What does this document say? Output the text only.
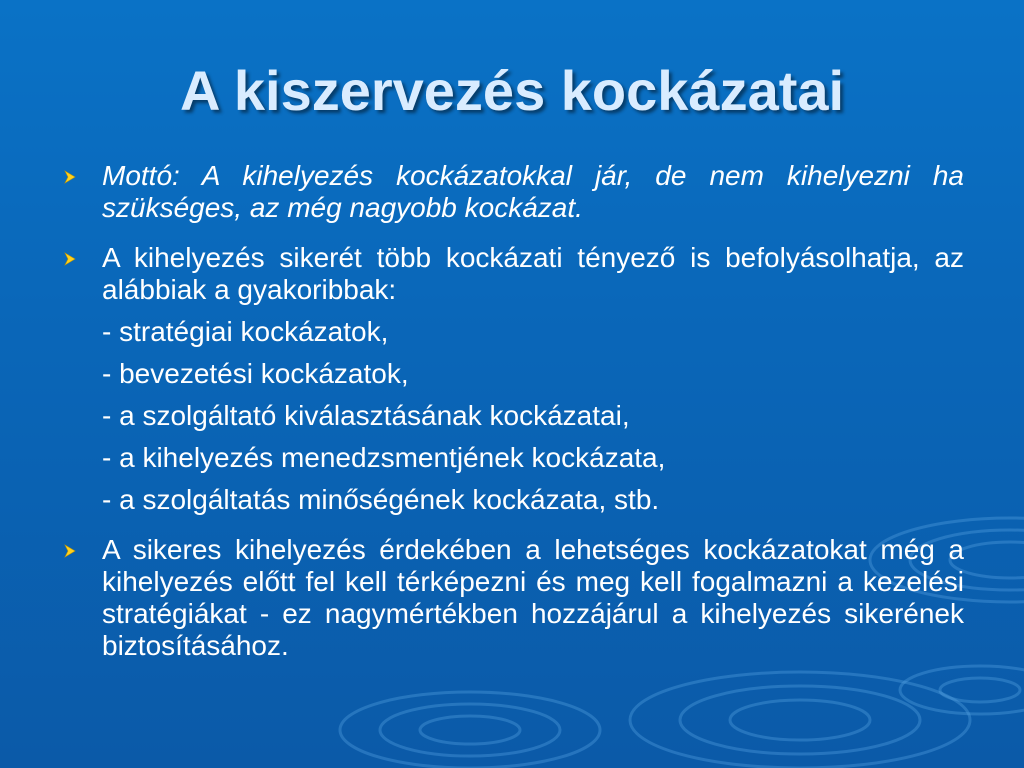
A kiszervezés kockázatai
Mottó: A kihelyezés kockázatokkal jár, de nem kihelyezni ha szükséges, az még nagyobb kockázat.
A kihelyezés sikerét több kockázati tényező is befolyásolhatja, az alábbiak a gyakoribbak:
- stratégiai kockázatok,
- bevezetési kockázatok,
- a szolgáltató kiválasztásának kockázatai,
- a kihelyezés menedzsmentjének kockázata,
- a szolgáltatás minőségének kockázata, stb.
A sikeres kihelyezés érdekében a lehetséges kockázatokat még a kihelyezés előtt fel kell térképezni és meg kell fogalmazni a kezelési stratégiákat - ez nagymértékben hozzájárul a kihelyezés sikerének biztosításához.
